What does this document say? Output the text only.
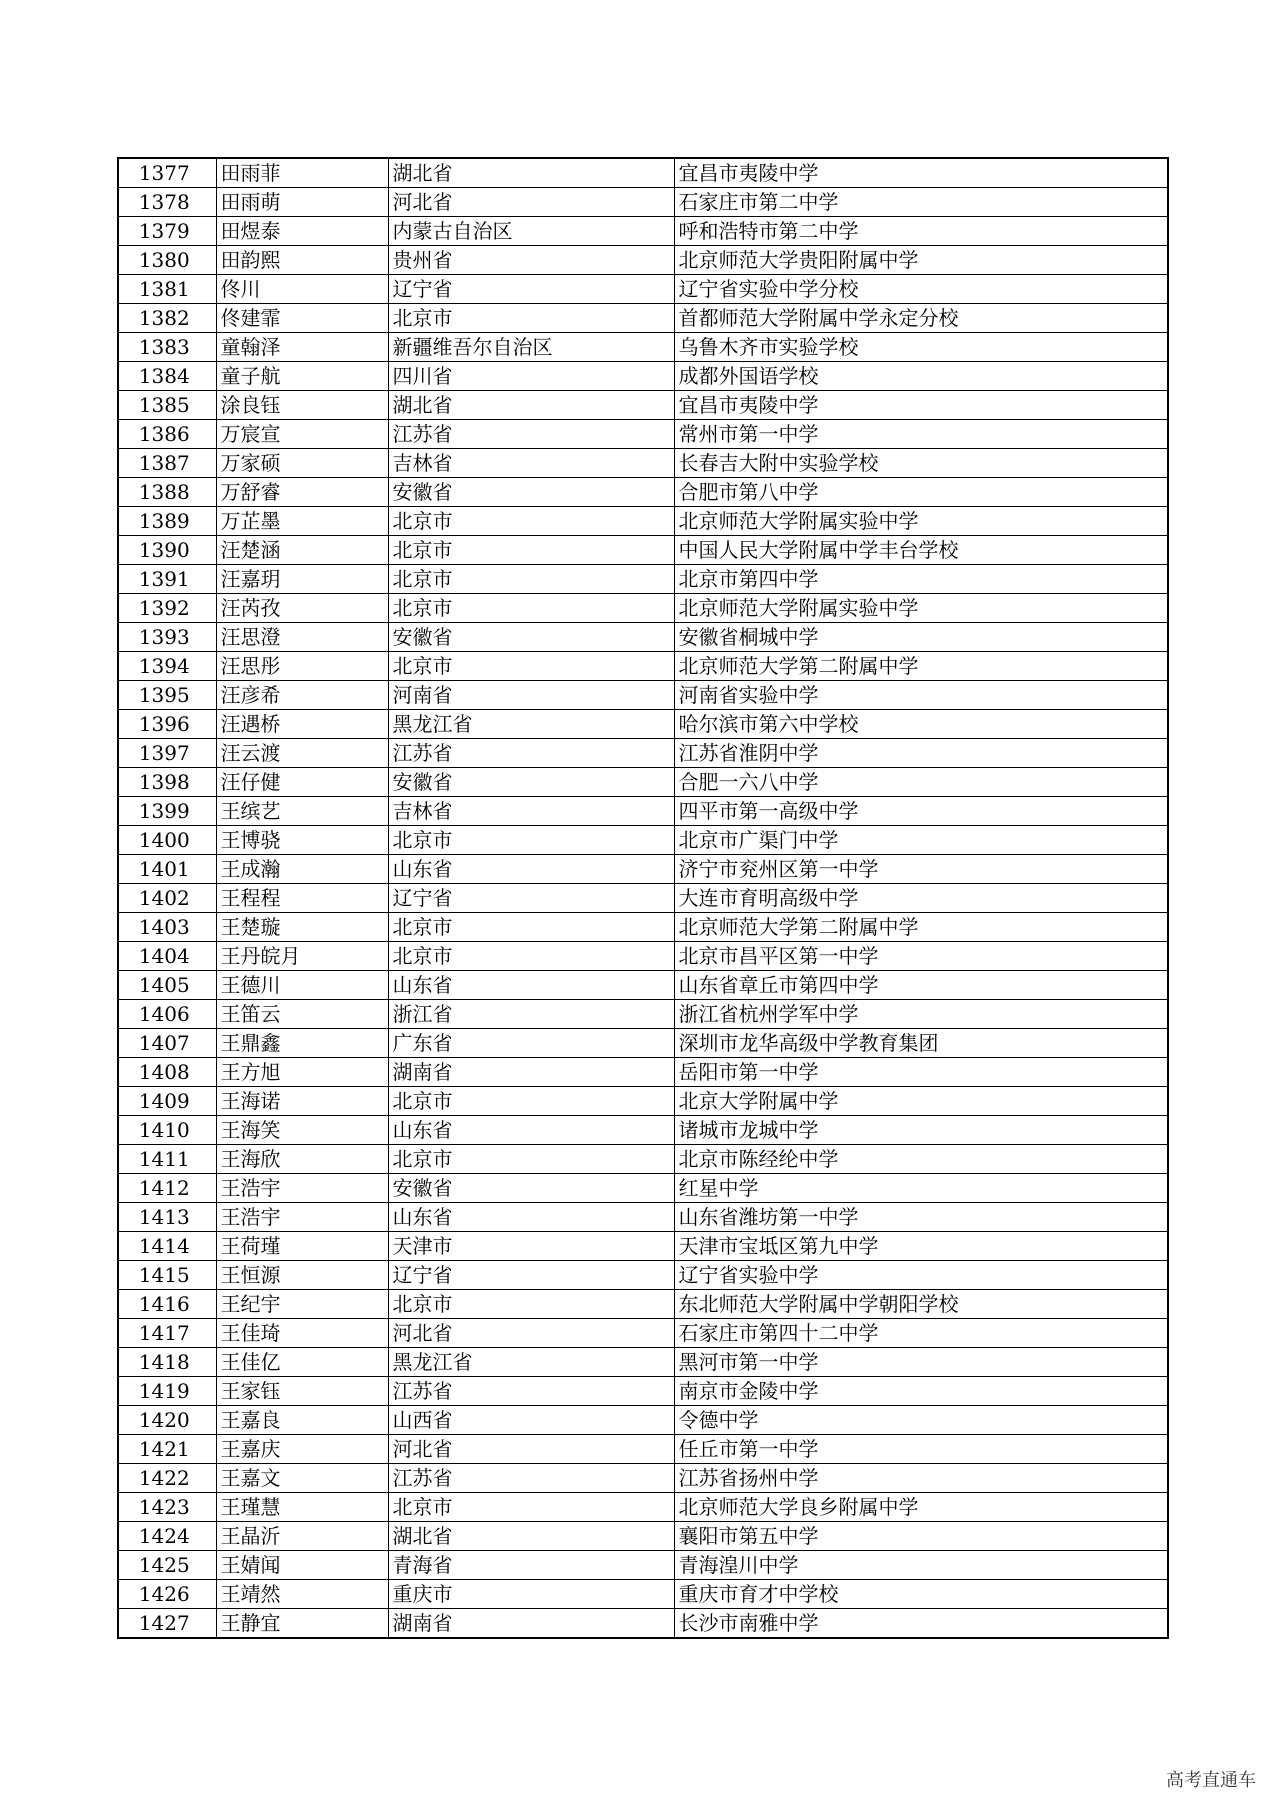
1377	田雨菲	湖北省	宜昌市夷陵中学
1378	田雨萌	河北省	石家庄市第二中学
1379	田煜泰	内蒙古自治区	呼和浩特市第二中学
1380	田韵熙	贵州省	北京师范大学贵阳附属中学
1381	佟川	辽宁省	辽宁省实验中学分校
1382	佟建霏	北京市	首都师范大学附属中学永定分校
1383	童翰泽	新疆维吾尔自治区	乌鲁木齐市实验学校
1384	童子航	四川省	成都外国语学校
1385	涂良钰	湖北省	宜昌市夷陵中学
1386	万宸宣	江苏省	常州市第一中学
1387	万家硕	吉林省	长春吉大附中实验学校
1388	万舒睿	安徽省	合肥市第八中学
1389	万芷墨	北京市	北京师范大学附属实验中学
1390	汪楚涵	北京市	中国人民大学附属中学丰台学校
1391	汪嘉玥	北京市	北京市第四中学
1392	汪芮孜	北京市	北京师范大学附属实验中学
1393	汪思澄	安徽省	安徽省桐城中学
1394	汪思彤	北京市	北京师范大学第二附属中学
1395	汪彦希	河南省	河南省实验中学
1396	汪遇桥	黑龙江省	哈尔滨市第六中学校
1397	汪云渡	江苏省	江苏省淮阴中学
1398	汪仔健	安徽省	合肥一六八中学
1399	王缤艺	吉林省	四平市第一高级中学
1400	王博骁	北京市	北京市广渠门中学
1401	王成瀚	山东省	济宁市兖州区第一中学
1402	王程程	辽宁省	大连市育明高级中学
1403	王楚璇	北京市	北京师范大学第二附属中学
1404	王丹皖月	北京市	北京市昌平区第一中学
1405	王德川	山东省	山东省章丘市第四中学
1406	王笛云	浙江省	浙江省杭州学军中学
1407	王鼎鑫	广东省	深圳市龙华高级中学教育集团
1408	王方旭	湖南省	岳阳市第一中学
1409	王海诺	北京市	北京大学附属中学
1410	王海笑	山东省	诸城市龙城中学
1411	王海欣	北京市	北京市陈经纶中学
1412	王浩宇	安徽省	红星中学
1413	王浩宇	山东省	山东省潍坊第一中学
1414	王荷瑾	天津市	天津市宝坻区第九中学
1415	王恒源	辽宁省	辽宁省实验中学
1416	王纪宇	北京市	东北师范大学附属中学朝阳学校
1417	王佳琦	河北省	石家庄市第四十二中学
1418	王佳亿	黑龙江省	黑河市第一中学
1419	王家钰	江苏省	南京市金陵中学
1420	王嘉良	山西省	令德中学
1421	王嘉庆	河北省	任丘市第一中学
1422	王嘉文	江苏省	江苏省扬州中学
1423	王瑾慧	北京市	北京师范大学良乡附属中学
1424	王晶沂	湖北省	襄阳市第五中学
1425	王婧闻	青海省	青海湟川中学
1426	王靖然	重庆市	重庆市育才中学校
1427	王静宜	湖南省	长沙市南雅中学
高考直通车
